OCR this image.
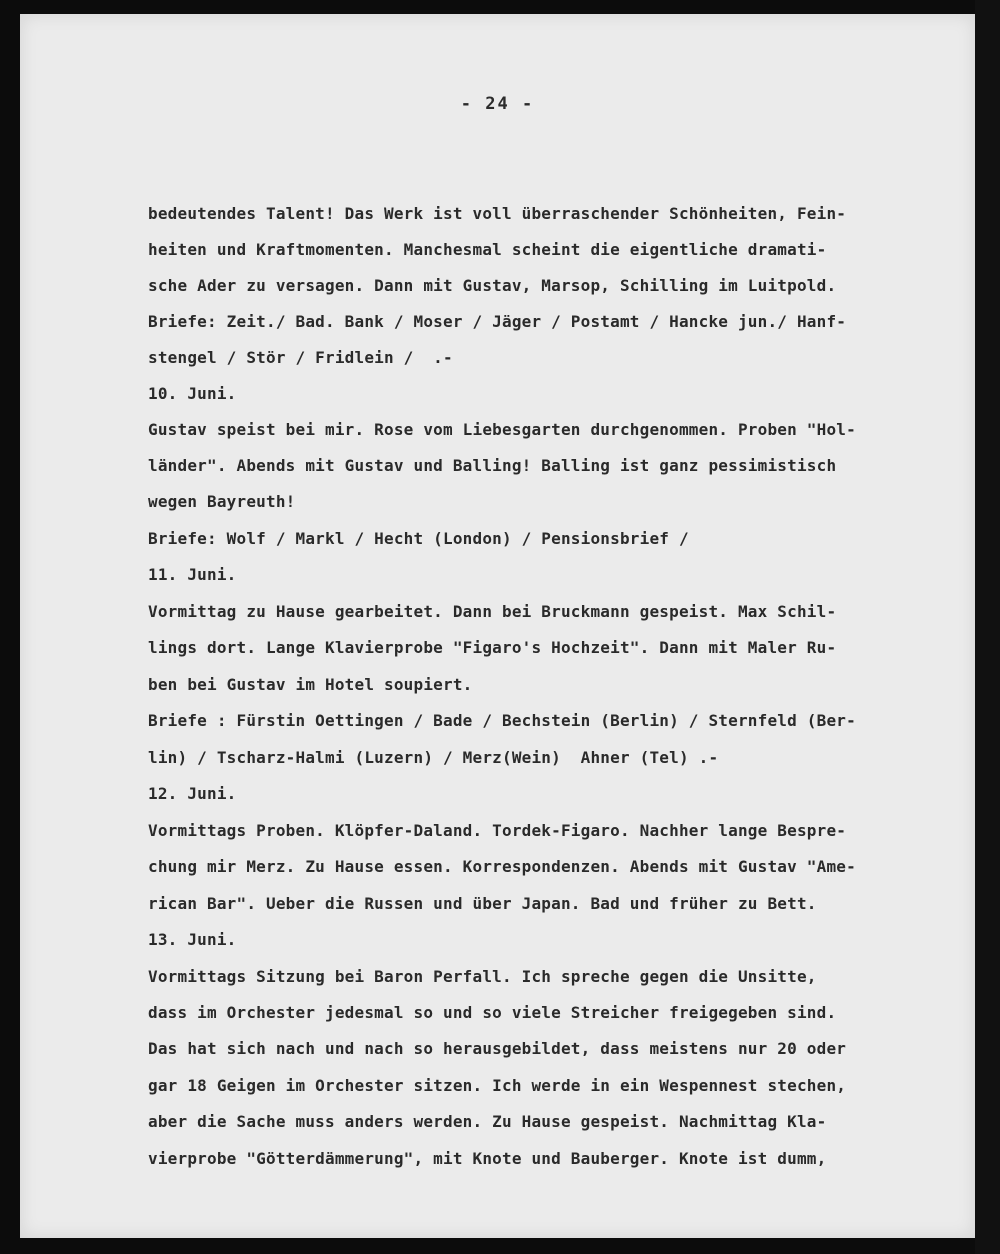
- 24 -
bedeutendes Talent! Das Werk ist voll überraschender Schönheiten, Fein-
heiten und Kraftmomenten. Manchesmal scheint die eigentliche dramati-
sche Ader zu versagen. Dann mit Gustav, Marsop, Schilling im Luitpold.
Briefe: Zeit./ Bad. Bank / Moser / Jäger / Postamt / Hancke jun./ Hanf-
stengel / Stör / Fridlein /  .-
10. Juni.
Gustav speist bei mir. Rose vom Liebesgarten durchgenommen. Proben "Hol-
länder". Abends mit Gustav und Balling! Balling ist ganz pessimistisch
wegen Bayreuth!
Briefe: Wolf / Markl / Hecht (London) / Pensionsbrief /
11. Juni.
Vormittag zu Hause gearbeitet. Dann bei Bruckmann gespeist. Max Schil-
lings dort. Lange Klavierprobe "Figaro's Hochzeit". Dann mit Maler Ru-
ben bei Gustav im Hotel soupiert.
Briefe : Fürstin Oettingen / Bade / Bechstein (Berlin) / Sternfeld (Ber-
lin) / Tscharz-Halmi (Luzern) / Merz(Wein)  Ahner (Tel) .-
12. Juni.
Vormittags Proben. Klöpfer-Daland. Tordek-Figaro. Nachher lange Bespre-
chung mir Merz. Zu Hause essen. Korrespondenzen. Abends mit Gustav "Ame-
rican Bar". Ueber die Russen und über Japan. Bad und früher zu Bett.
13. Juni.
Vormittags Sitzung bei Baron Perfall. Ich spreche gegen die Unsitte,
dass im Orchester jedesmal so und so viele Streicher freigegeben sind.
Das hat sich nach und nach so herausgebildet, dass meistens nur 20 oder
gar 18 Geigen im Orchester sitzen. Ich werde in ein Wespennest stechen,
aber die Sache muss anders werden. Zu Hause gespeist. Nachmittag Kla-
vierprobe "Götterdämmerung", mit Knote und Bauberger. Knote ist dumm,
